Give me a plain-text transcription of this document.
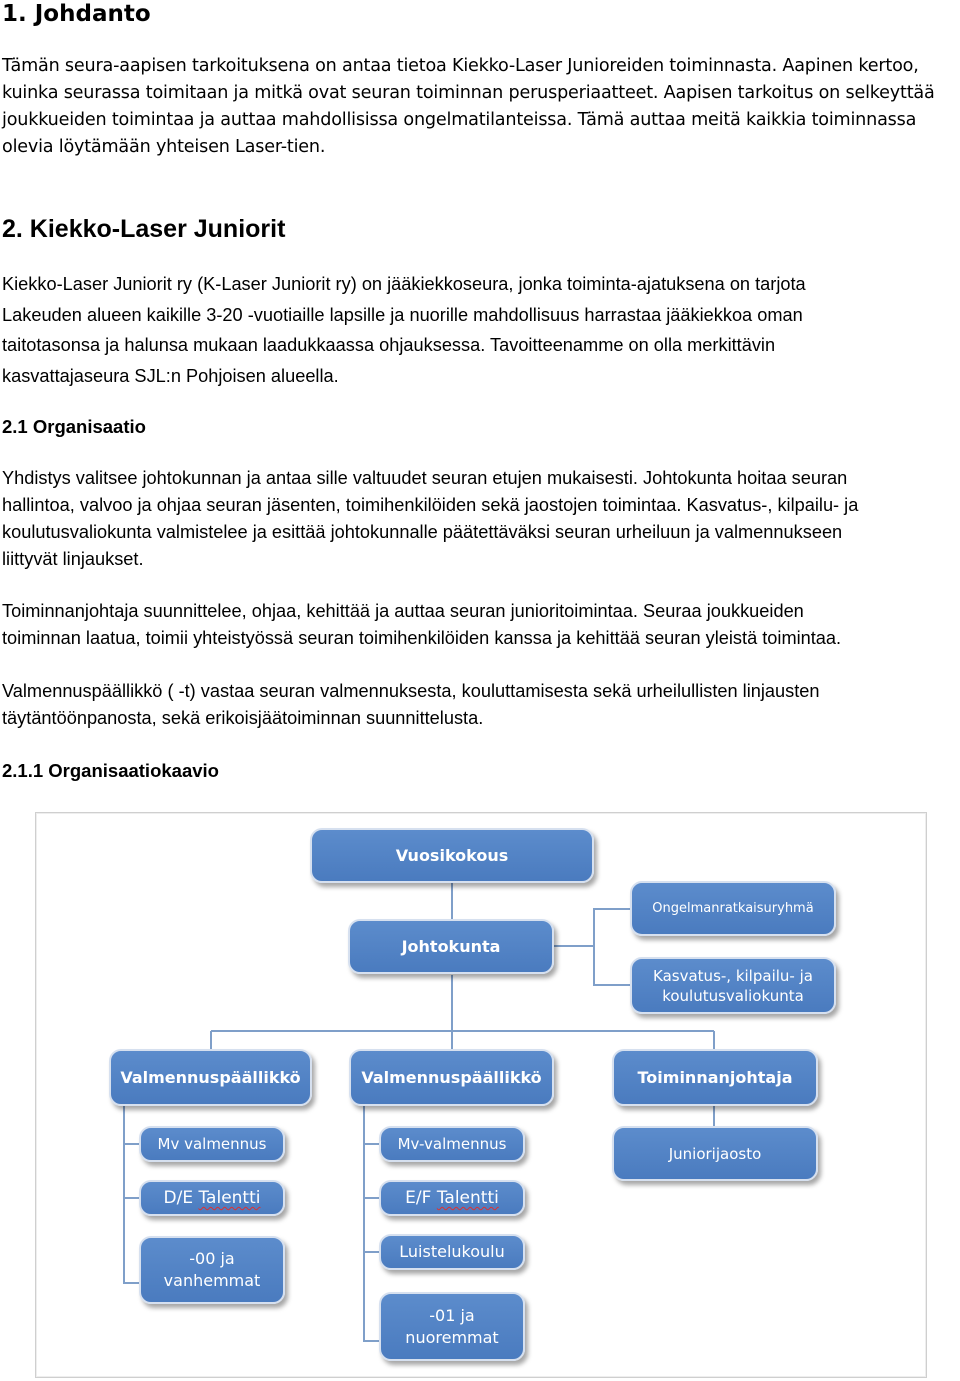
1. Johdanto
Tämän seura-aapisen tarkoituksena on antaa tietoa Kiekko-Laser Junioreiden toiminnasta. Aapinen kertoo,
kuinka seurassa toimitaan ja mitkä ovat seuran toiminnan perusperiaatteet. Aapisen tarkoitus on selkeyttää
joukkueiden toimintaa ja auttaa mahdollisissa ongelmatilanteissa. Tämä auttaa meitä kaikkia toiminnassa
olevia löytämään yhteisen Laser-tien.
2. Kiekko-Laser Juniorit
Kiekko-Laser Juniorit ry (K-Laser Juniorit ry) on jääkiekkoseura, jonka toiminta-ajatuksena on tarjota
Lakeuden alueen kaikille 3-20 -vuotiaille lapsille ja nuorille mahdollisuus harrastaa jääkiekkoa oman
taitotasonsa ja halunsa mukaan laadukkaassa ohjauksessa. Tavoitteenamme on olla merkittävin
kasvattajaseura SJL:n Pohjoisen alueella.
2.1 Organisaatio
Yhdistys valitsee johtokunnan ja antaa sille valtuudet seuran etujen mukaisesti. Johtokunta hoitaa seuran
hallintoa, valvoo ja ohjaa seuran jäsenten, toimihenkilöiden sekä jaostojen toimintaa. Kasvatus-, kilpailu- ja
koulutusvaliokunta valmistelee ja esittää johtokunnalle päätettäväksi seuran urheiluun ja valmennukseen
liittyvät linjaukset.
Toiminnanjohtaja suunnittelee, ohjaa, kehittää ja auttaa seuran junioritoimintaa. Seuraa joukkueiden
toiminnan laatua, toimii yhteistyössä seuran toimihenkilöiden kanssa ja kehittää seuran yleistä toimintaa.
Valmennuspäällikkö ( -t) vastaa seuran valmennuksesta, kouluttamisesta sekä urheilullisten linjausten
täytäntöönpanosta, sekä erikoisjäätoiminnan suunnittelusta.
2.1.1 Organisaatiokaavio
Vuosikokous
Johtokunta
Ongelmanratkaisuryhmä
Kasvatus-, kilpailu- ja
koulutusvaliokunta
Valmennuspäällikkö	Valmennuspäällikkö	Toiminnanjohtaja
Mv valmennus
D/E Talentti
-00 ja
vanhemmat
Mv-valmennus
E/F Talentti
Luistelukoulu
-01 ja
nuoremmat
Juniorijaosto
